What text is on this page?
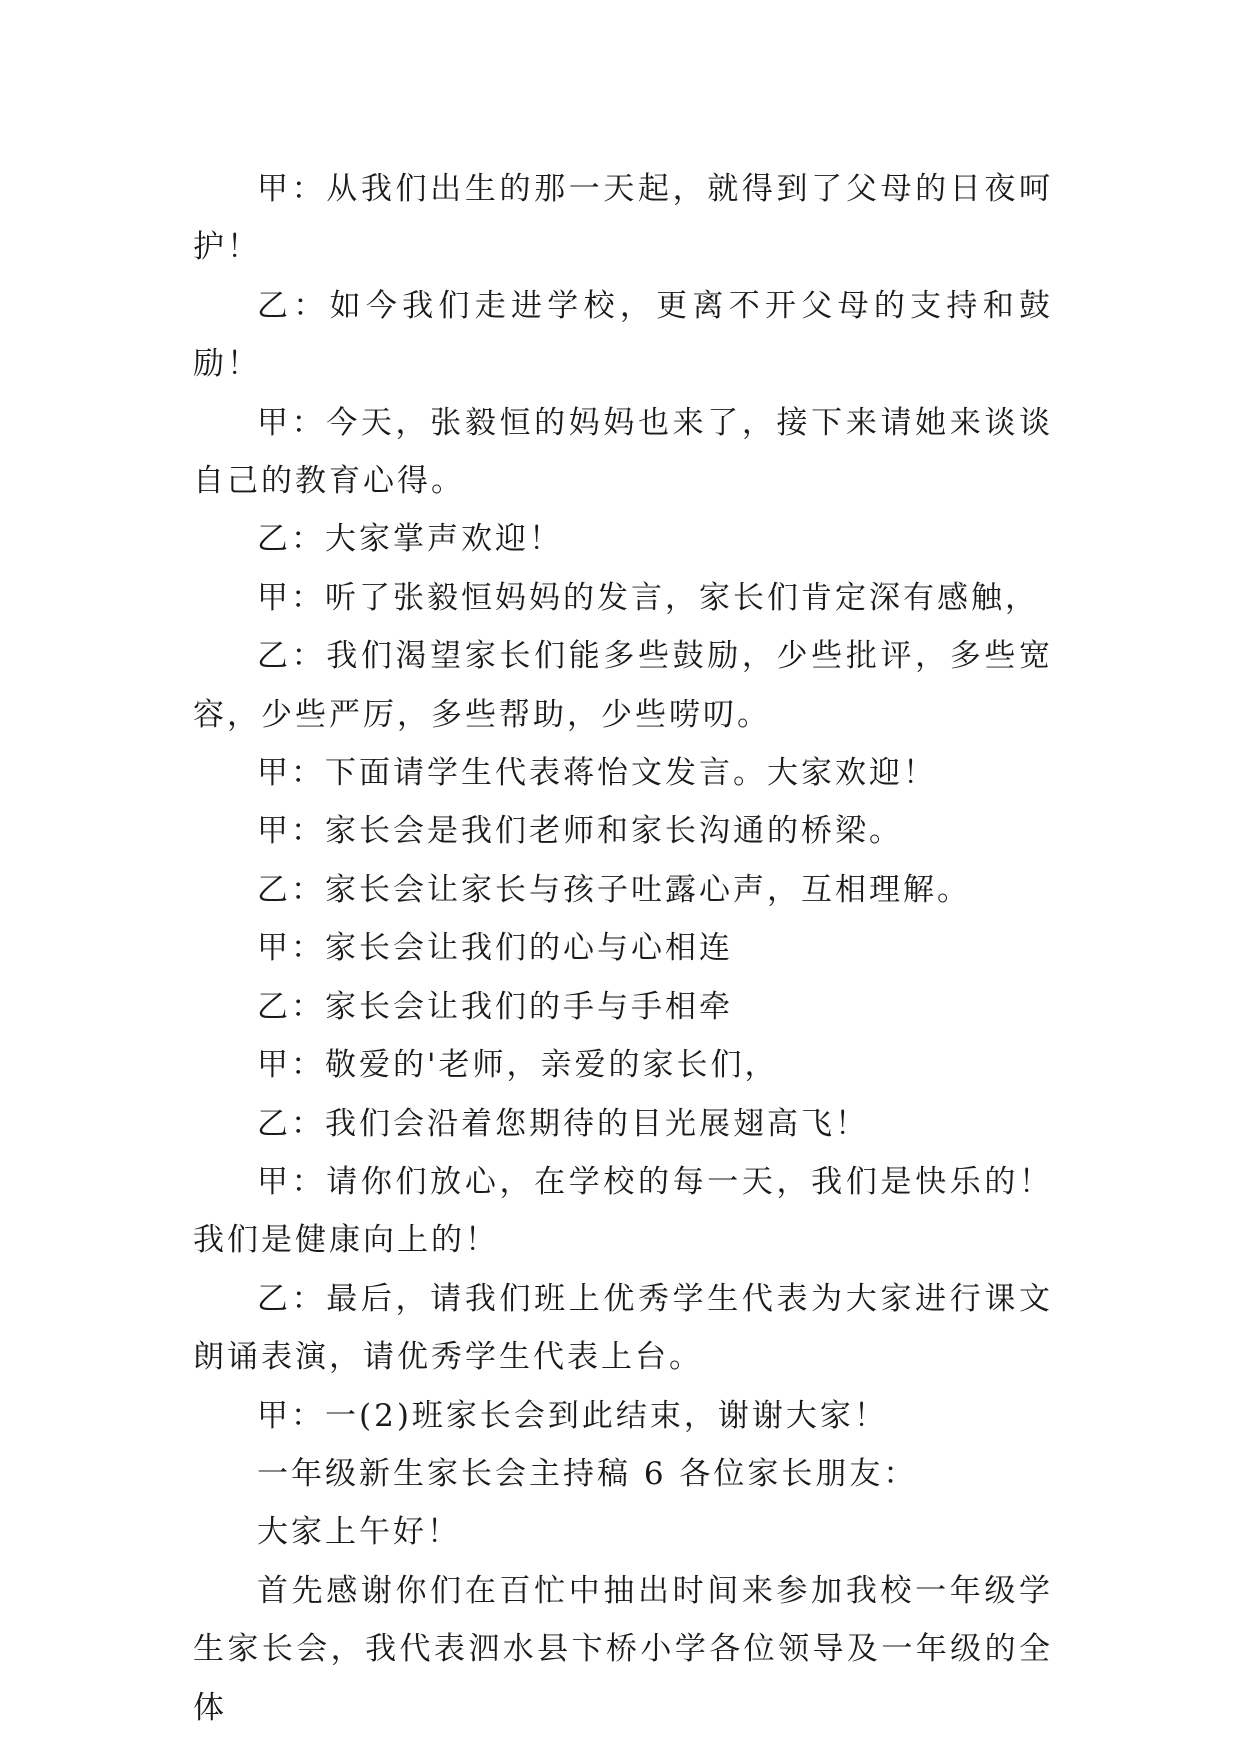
甲：从我们出生的那一天起，就得到了父母的日夜呵护！

乙：如今我们走进学校，更离不开父母的支持和鼓励！

甲：今天，张毅恒的妈妈也来了，接下来请她来谈谈自己的教育心得。

乙：大家掌声欢迎！

甲：听了张毅恒妈妈的发言，家长们肯定深有感触，

乙：我们渴望家长们能多些鼓励，少些批评，多些宽容，少些严厉，多些帮助，少些唠叨。

甲：下面请学生代表蒋怡文发言。大家欢迎！

甲：家长会是我们老师和家长沟通的桥梁。

乙：家长会让家长与孩子吐露心声，互相理解。

甲：家长会让我们的心与心相连

乙：家长会让我们的手与手相牵

甲：敬爱的'老师，亲爱的家长们，

乙：我们会沿着您期待的目光展翅高飞！

甲：请你们放心，在学校的每一天，我们是快乐的！我们是健康向上的！

乙：最后，请我们班上优秀学生代表为大家进行课文朗诵表演，请优秀学生代表上台。

甲：一(2)班家长会到此结束，谢谢大家！

一年级新生家长会主持稿 6 各位家长朋友：

大家上午好！

首先感谢你们在百忙中抽出时间来参加我校一年级学生家长会，我代表泗水县卞桥小学各位领导及一年级的全体
